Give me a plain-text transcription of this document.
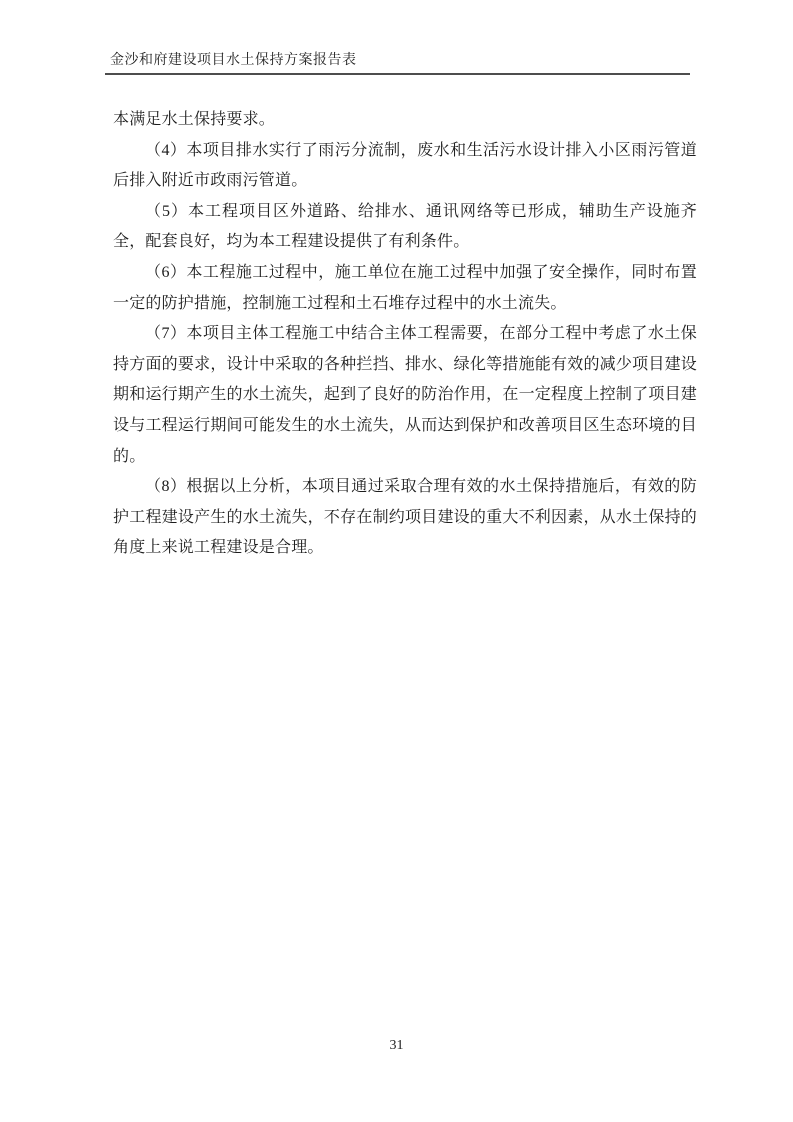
金沙和府建设项目水土保持方案报告表

本满足水土保持要求。

（4）本项目排水实行了雨污分流制，废水和生活污水设计排入小区雨污管道后排入附近市政雨污管道。

（5）本工程项目区外道路、给排水、通讯网络等已形成，辅助生产设施齐全，配套良好，均为本工程建设提供了有利条件。

（6）本工程施工过程中，施工单位在施工过程中加强了安全操作，同时布置一定的防护措施，控制施工过程和土石堆存过程中的水土流失。

（7）本项目主体工程施工中结合主体工程需要，在部分工程中考虑了水土保持方面的要求，设计中采取的各种拦挡、排水、绿化等措施能有效的减少项目建设期和运行期产生的水土流失，起到了良好的防治作用，在一定程度上控制了项目建设与工程运行期间可能发生的水土流失，从而达到保护和改善项目区生态环境的目的。

（8）根据以上分析，本项目通过采取合理有效的水土保持措施后，有效的防护工程建设产生的水土流失，不存在制约项目建设的重大不利因素，从水土保持的角度上来说工程建设是合理。

31
